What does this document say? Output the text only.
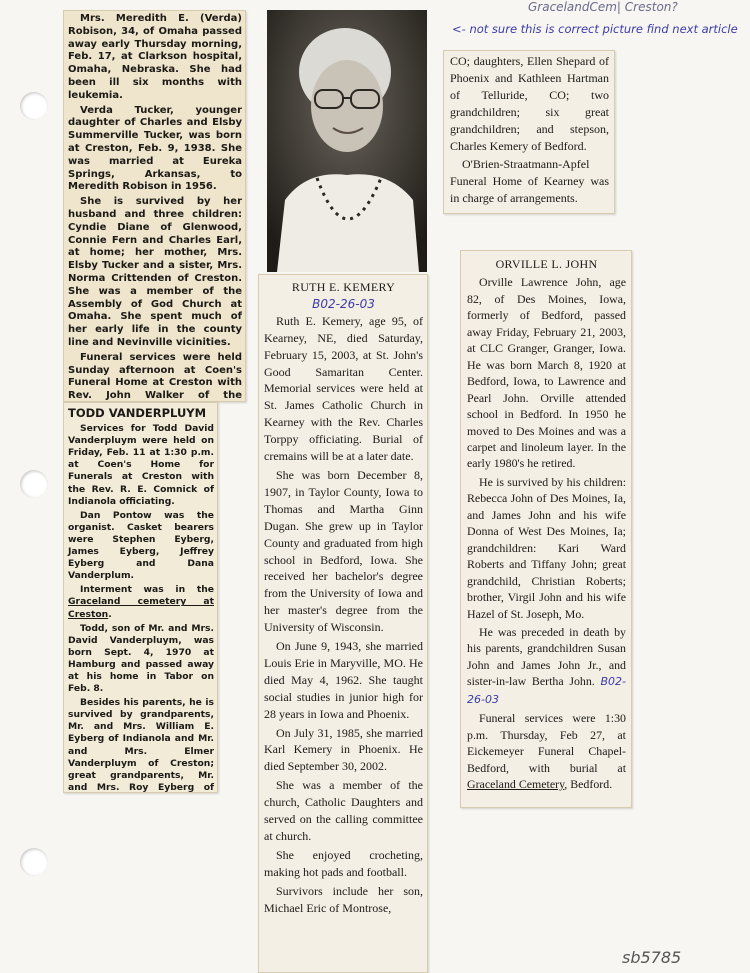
GracelandCem| Creston?
<- not sure this is correct picture find next article
sb5785

Mrs. Meredith E. (Verda) Robison, 34, of Omaha passed away early Thursday morning, Feb. 17, at Clarkson hospital, Omaha, Nebraska. She had been ill six months with leukemia.

Verda Tucker, younger daughter of Charles and Elsby Summerville Tucker, was born at Creston, Feb. 9, 1938. She was married at Eureka Springs, Arkansas, to Meredith Robison in 1956.

She is survived by her husband and three children: Cyndie Diane of Glenwood, Connie Fern and Charles Earl, at home; her mother, Mrs. Elsby Tucker and a sister, Mrs. Norma Crittenden of Creston. She was a member of the Assembly of God Church at Omaha. She spent much of her early life in the county line and Nevinville vicinities.

Funeral services were held Sunday afternoon at Coen's Funeral Home at Creston with Rev. John Walker of the

TODD VANDERPLUYM

Services for Todd David Vanderpluym were held on Friday, Feb. 11 at 1:30 p.m. at Coen's Home for Funerals at Creston with the Rev. R. E. Comnick of Indianola officiating.

Dan Pontow was the organist. Casket bearers were Stephen Eyberg, James Eyberg, Jeffrey Eyberg and Dana Vanderplum.

Interment was in the Graceland cemetery at Creston.

Todd, son of Mr. and Mrs. David Vanderpluym, was born Sept. 4, 1970 at Hamburg and passed away at his home in Tabor on Feb. 8.

Besides his parents, he is survived by grandparents, Mr. and Mrs. William E. Eyberg of Indianola and Mr. and Mrs. Elmer Vanderpluym of Creston; great grandparents, Mr. and Mrs. Roy Eyberg of

RUTH E. KEMERY
B02-26-03

Ruth E. Kemery, age 95, of Kearney, NE, died Saturday, February 15, 2003, at St. John's Good Samaritan Center. Memorial services were held at St. James Catholic Church in Kearney with the Rev. Charles Torppy officiating. Burial of cremains will be at a later date.

She was born December 8, 1907, in Taylor County, Iowa to Thomas and Martha Ginn Dugan. She grew up in Taylor County and graduated from high school in Bedford, Iowa. She received her bachelor's degree from the University of Iowa and her master's degree from the University of Wisconsin.

On June 9, 1943, she married Louis Erie in Maryville, MO. He died May 4, 1962. She taught social studies in junior high for 28 years in Iowa and Phoenix.

On July 31, 1985, she married Karl Kemery in Phoenix. He died September 30, 2002.

She was a member of the church, Catholic Daughters and served on the calling committee at church.

She enjoyed crocheting, making hot pads and football.

Survivors include her son, Michael Eric of Montrose,

CO; daughters, Ellen Shepard of Phoenix and Kathleen Hartman of Telluride, CO; two grandchildren; six great grandchildren; and stepson, Charles Kemery of Bedford.

O'Brien-Straatmann-Apfel Funeral Home of Kearney was in charge of arrangements.

ORVILLE L. JOHN

Orville Lawrence John, age 82, of Des Moines, Iowa, formerly of Bedford, passed away Friday, February 21, 2003, at CLC Granger, Granger, Iowa. He was born March 8, 1920 at Bedford, Iowa, to Lawrence and Pearl John. Orville attended school in Bedford. In 1950 he moved to Des Moines and was a carpet and linoleum layer. In the early 1980's he retired.

He is survived by his children: Rebecca John of Des Moines, Ia, and James John and his wife Donna of West Des Moines, Ia; grandchildren: Kari Ward Roberts and Tiffany John; great grandchild, Christian Roberts; brother, Virgil John and his wife Hazel of St. Joseph, Mo.

He was preceded in death by his parents, grandchildren Susan John and James John Jr., and sister-in-law Bertha John. B02-26-03

Funeral services were 1:30 p.m. Thursday, Feb 27, at Eickemeyer Funeral Chapel-Bedford, with burial at Graceland Cemetery, Bedford.
